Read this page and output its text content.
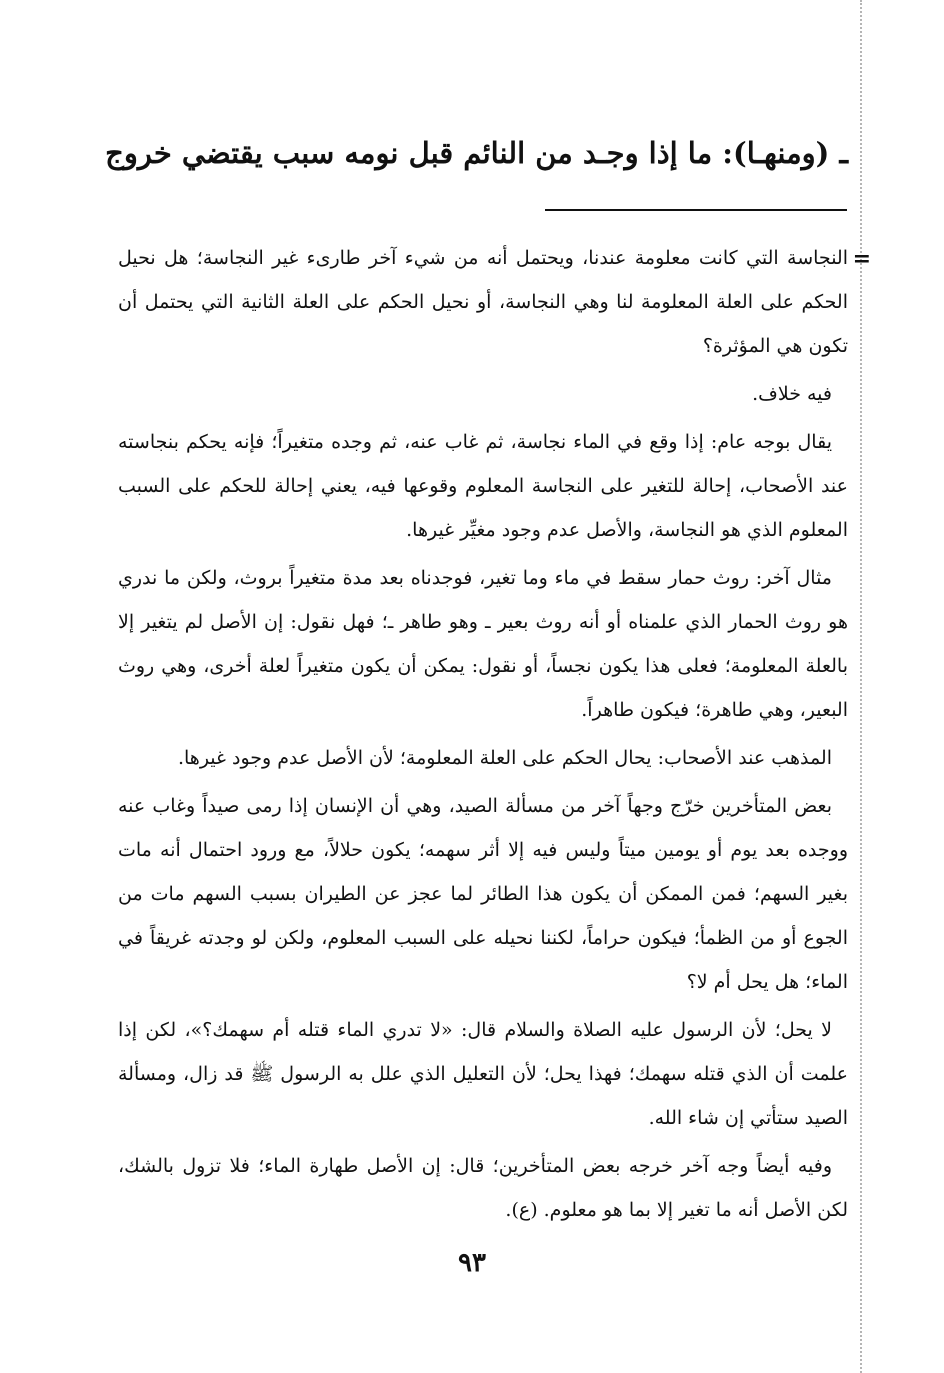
ـ (ومنهـا): ما إذا وجـد من النائم قبل نومه سبب يقتضي خروج
=

النجاسة التي كانت معلومة عندنا، ويحتمل أنه من شيء آخر طارىء غير النجاسة؛ هل نحيل الحكم على العلة المعلومة لنا وهي النجاسة، أو نحيل الحكم على العلة الثانية التي يحتمل أن تكون هي المؤثرة؟

فيه خلاف.

يقال بوجه عام: إذا وقع في الماء نجاسة، ثم غاب عنه، ثم وجده متغيراً؛ فإنه يحكم بنجاسته عند الأصحاب، إحالة للتغير على النجاسة المعلوم وقوعها فيه، يعني إحالة للحكم على السبب المعلوم الذي هو النجاسة، والأصل عدم وجود مغيِّر غيرها.

مثال آخر: روث حمار سقط في ماء وما تغير، فوجدناه بعد مدة متغيراً بروث، ولكن ما ندري هو روث الحمار الذي علمناه أو أنه روث بعير ـ وهو طاهر ـ؛ فهل نقول: إن الأصل لم يتغير إلا بالعلة المعلومة؛ فعلى هذا يكون نجساً، أو نقول: يمكن أن يكون متغيراً لعلة أخرى، وهي روث البعير، وهي طاهرة؛ فيكون طاهراً.

المذهب عند الأصحاب: يحال الحكم على العلة المعلومة؛ لأن الأصل عدم وجود غيرها.

بعض المتأخرين خرّج وجهاً آخر من مسألة الصيد، وهي أن الإنسان إذا رمى صيداً وغاب عنه ووجده بعد يوم أو يومين ميتاً وليس فيه إلا أثر سهمه؛ يكون حلالاً، مع ورود احتمال أنه مات بغير السهم؛ فمن الممكن أن يكون هذا الطائر لما عجز عن الطيران بسبب السهم مات من الجوع أو من الظمأ؛ فيكون حراماً، لكننا نحيله على السبب المعلوم، ولكن لو وجدته غريقاً في الماء؛ هل يحل أم لا؟

لا يحل؛ لأن الرسول عليه الصلاة والسلام قال: «لا تدري الماء قتله أم سهمك؟»، لكن إذا علمت أن الذي قتله سهمك؛ فهذا يحل؛ لأن التعليل الذي علل به الرسول ﷺ قد زال، ومسألة الصيد ستأتي إن شاء الله.

وفيه أيضاً وجه آخر خرجه بعض المتأخرين؛ قال: إن الأصل طهارة الماء؛ فلا تزول بالشك، لكن الأصل أنه ما تغير إلا بما هو معلوم. (ع).

٩٣
